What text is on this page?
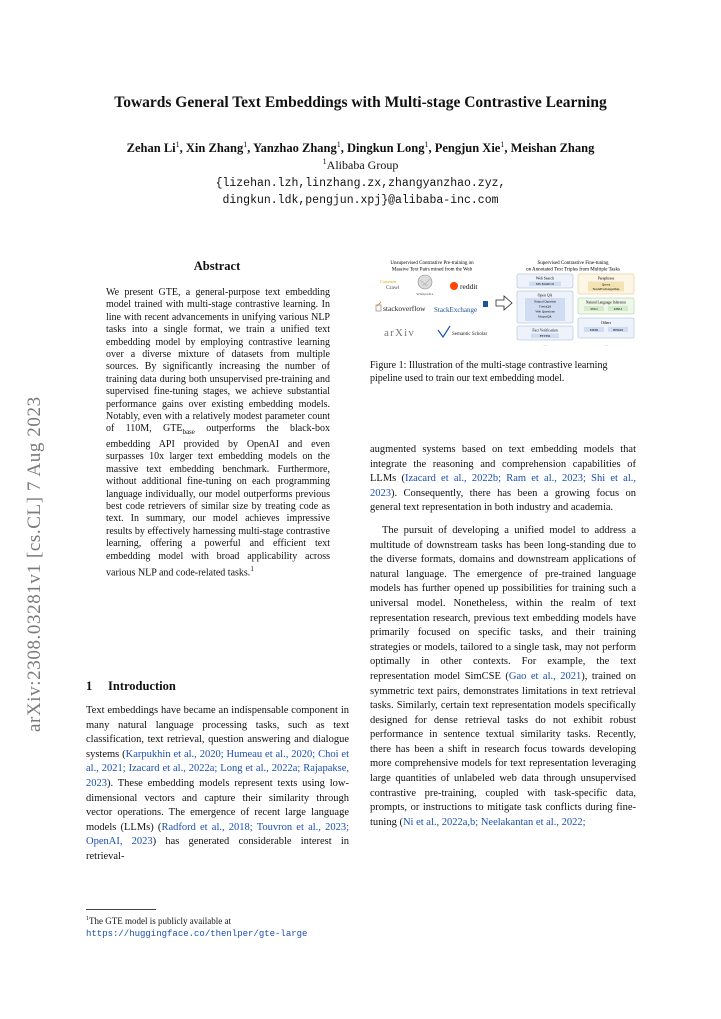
Towards General Text Embeddings with Multi-stage Contrastive Learning
Zehan Li$^1$, Xin Zhang$^1$, Yanzhao Zhang$^1$, Dingkun Long$^1$, Pengjun Xie$^1$, Meishan Zhang
$^1$Alibaba Group
{lizehan.lzh,linzhang.zx,zhangyanzhao.zyz,
dingkun.ldk,pengjun.xpj}@alibaba-inc.com
arXiv:2308.03281v1 [cs.CL] 7 Aug 2023
Abstract
We present GTE, a general-purpose text embedding model trained with multi-stage contrastive learning. In line with recent advancements in unifying various NLP tasks into a single format, we train a unified text embedding model by employing contrastive learning over a diverse mixture of datasets from multiple sources. By significantly increasing the number of training data during both unsupervised pre-training and supervised fine-tuning stages, we achieve substantial performance gains over existing embedding models. Notably, even with a relatively modest parameter count of 110M, $GTE_{base}$ outperforms the black-box embedding API provided by OpenAI and even surpasses 10x larger text embedding models on the massive text embedding benchmark. Furthermore, without additional fine-tuning on each programming language individually, our model outperforms previous best code retrievers of similar size by treating code as text. In summary, our model achieves impressive results by effectively harnessing multi-stage contrastive learning, offering a powerful and efficient text embedding model with broad applicability across various NLP and code-related tasks.$^1$
1 Introduction

Text embeddings have became an indispensable component in many natural language processing tasks, such as text classification, text retrieval, question answering and dialogue systems (Karpukhin et al., 2020; Humeau et al., 2020; Choi et al., 2021; Izacard et al., 2022a; Long et al., 2022a; Rajapakse, 2023). These embedding models represent texts using low-dimensional vectors and capture their similarity through vector operations. The emergence of recent large language models (LLMs) (Radford et al., 2018; Touvron et al., 2023; OpenAI, 2023) has generated considerable interest in retrieval-

$^1$The GTE model is publicly available at https://huggingface.co/thenlper/gte-large
Unsupervised Contrastive Pre-training on
Massive Text Pairs mined from the Web
Supervised Contrastive Fine-tuning
on Annotated Text Triples from Multiple Tasks
Common
Crawl
Wikipedia
reddit
stackoverflow StackExchange
arXiv	Semantic Scholar
Web Search
MS MARCO
Open QA
Natural Question
TriviaQA
Web Questions
HotpotQA
Fact Verification
FEVER
...
Paraphrase
Quora
StackExchangeDup
Natural Language Inference
SNLI	MNLI
Others
MEDI	BERRI
...
Figure 1: Illustration of the multi-stage contrastive learning pipeline used to train our text embedding model.

augmented systems based on text embedding models that integrate the reasoning and comprehension capabilities of LLMs (Izacard et al., 2022b; Ram et al., 2023; Shi et al., 2023). Consequently, there has been a growing focus on general text representation in both industry and academia.

The pursuit of developing a unified model to address a multitude of downstream tasks has been long-standing due to the diverse formats, domains and downstream applications of natural language. The emergence of pre-trained language models has further opened up possibilities for training such a universal model. Nonetheless, within the realm of text representation research, previous text embedding models have primarily focused on specific tasks, and their training strategies or models, tailored to a single task, may not perform optimally in other contexts. For example, the text representation model SimCSE (Gao et al., 2021), trained on symmetric text pairs, demonstrates limitations in text retrieval tasks. Similarly, certain text representation models specifically designed for dense retrieval tasks do not exhibit robust performance in sentence textual similarity tasks. Recently, there has been a shift in research focus towards developing more comprehensive models for text representation leveraging large quantities of unlabeled web data through unsupervised contrastive pre-training, coupled with task-specific data, prompts, or instructions to mitigate task conflicts during fine-tuning (Ni et al., 2022a,b; Neelakantan et al., 2022;
